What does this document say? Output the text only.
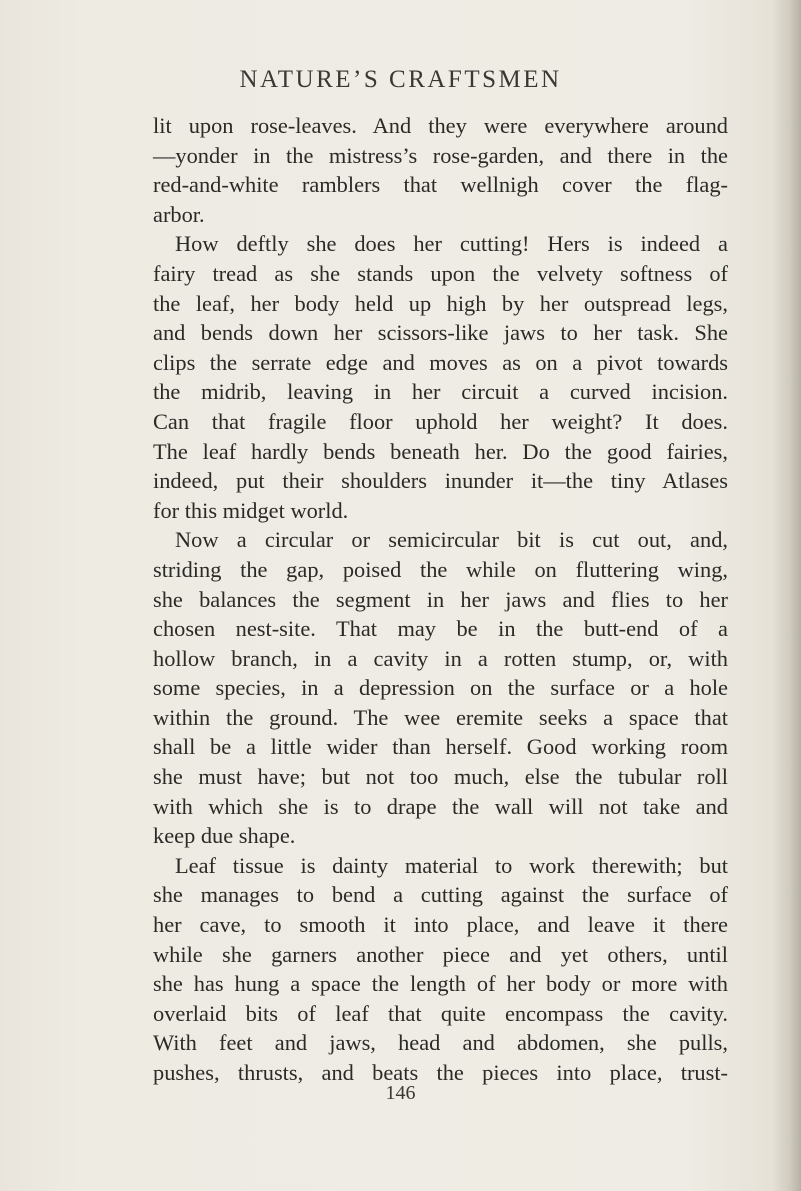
NATURE’S CRAFTSMEN
lit upon rose-leaves. And they were everywhere around
—yonder in the mistress’s rose-garden, and there in the
red-and-white ramblers that wellnigh cover the flag-
arbor.
How deftly she does her cutting! Hers is indeed a
fairy tread as she stands upon the velvety softness of
the leaf, her body held up high by her outspread legs,
and bends down her scissors-like jaws to her task. She
clips the serrate edge and moves as on a pivot towards
the midrib, leaving in her circuit a curved incision.
Can that fragile floor uphold her weight? It does.
The leaf hardly bends beneath her. Do the good fairies,
indeed, put their shoulders inunder it—the tiny Atlases
for this midget world.
Now a circular or semicircular bit is cut out, and,
striding the gap, poised the while on fluttering wing,
she balances the segment in her jaws and flies to her
chosen nest-site. That may be in the butt-end of a
hollow branch, in a cavity in a rotten stump, or, with
some species, in a depression on the surface or a hole
within the ground. The wee eremite seeks a space that
shall be a little wider than herself. Good working room
she must have; but not too much, else the tubular roll
with which she is to drape the wall will not take and
keep due shape.
Leaf tissue is dainty material to work therewith; but
she manages to bend a cutting against the surface of
her cave, to smooth it into place, and leave it there
while she garners another piece and yet others, until
she has hung a space the length of her body or more with
overlaid bits of leaf that quite encompass the cavity.
With feet and jaws, head and abdomen, she pulls,
pushes, thrusts, and beats the pieces into place, trust-
146
